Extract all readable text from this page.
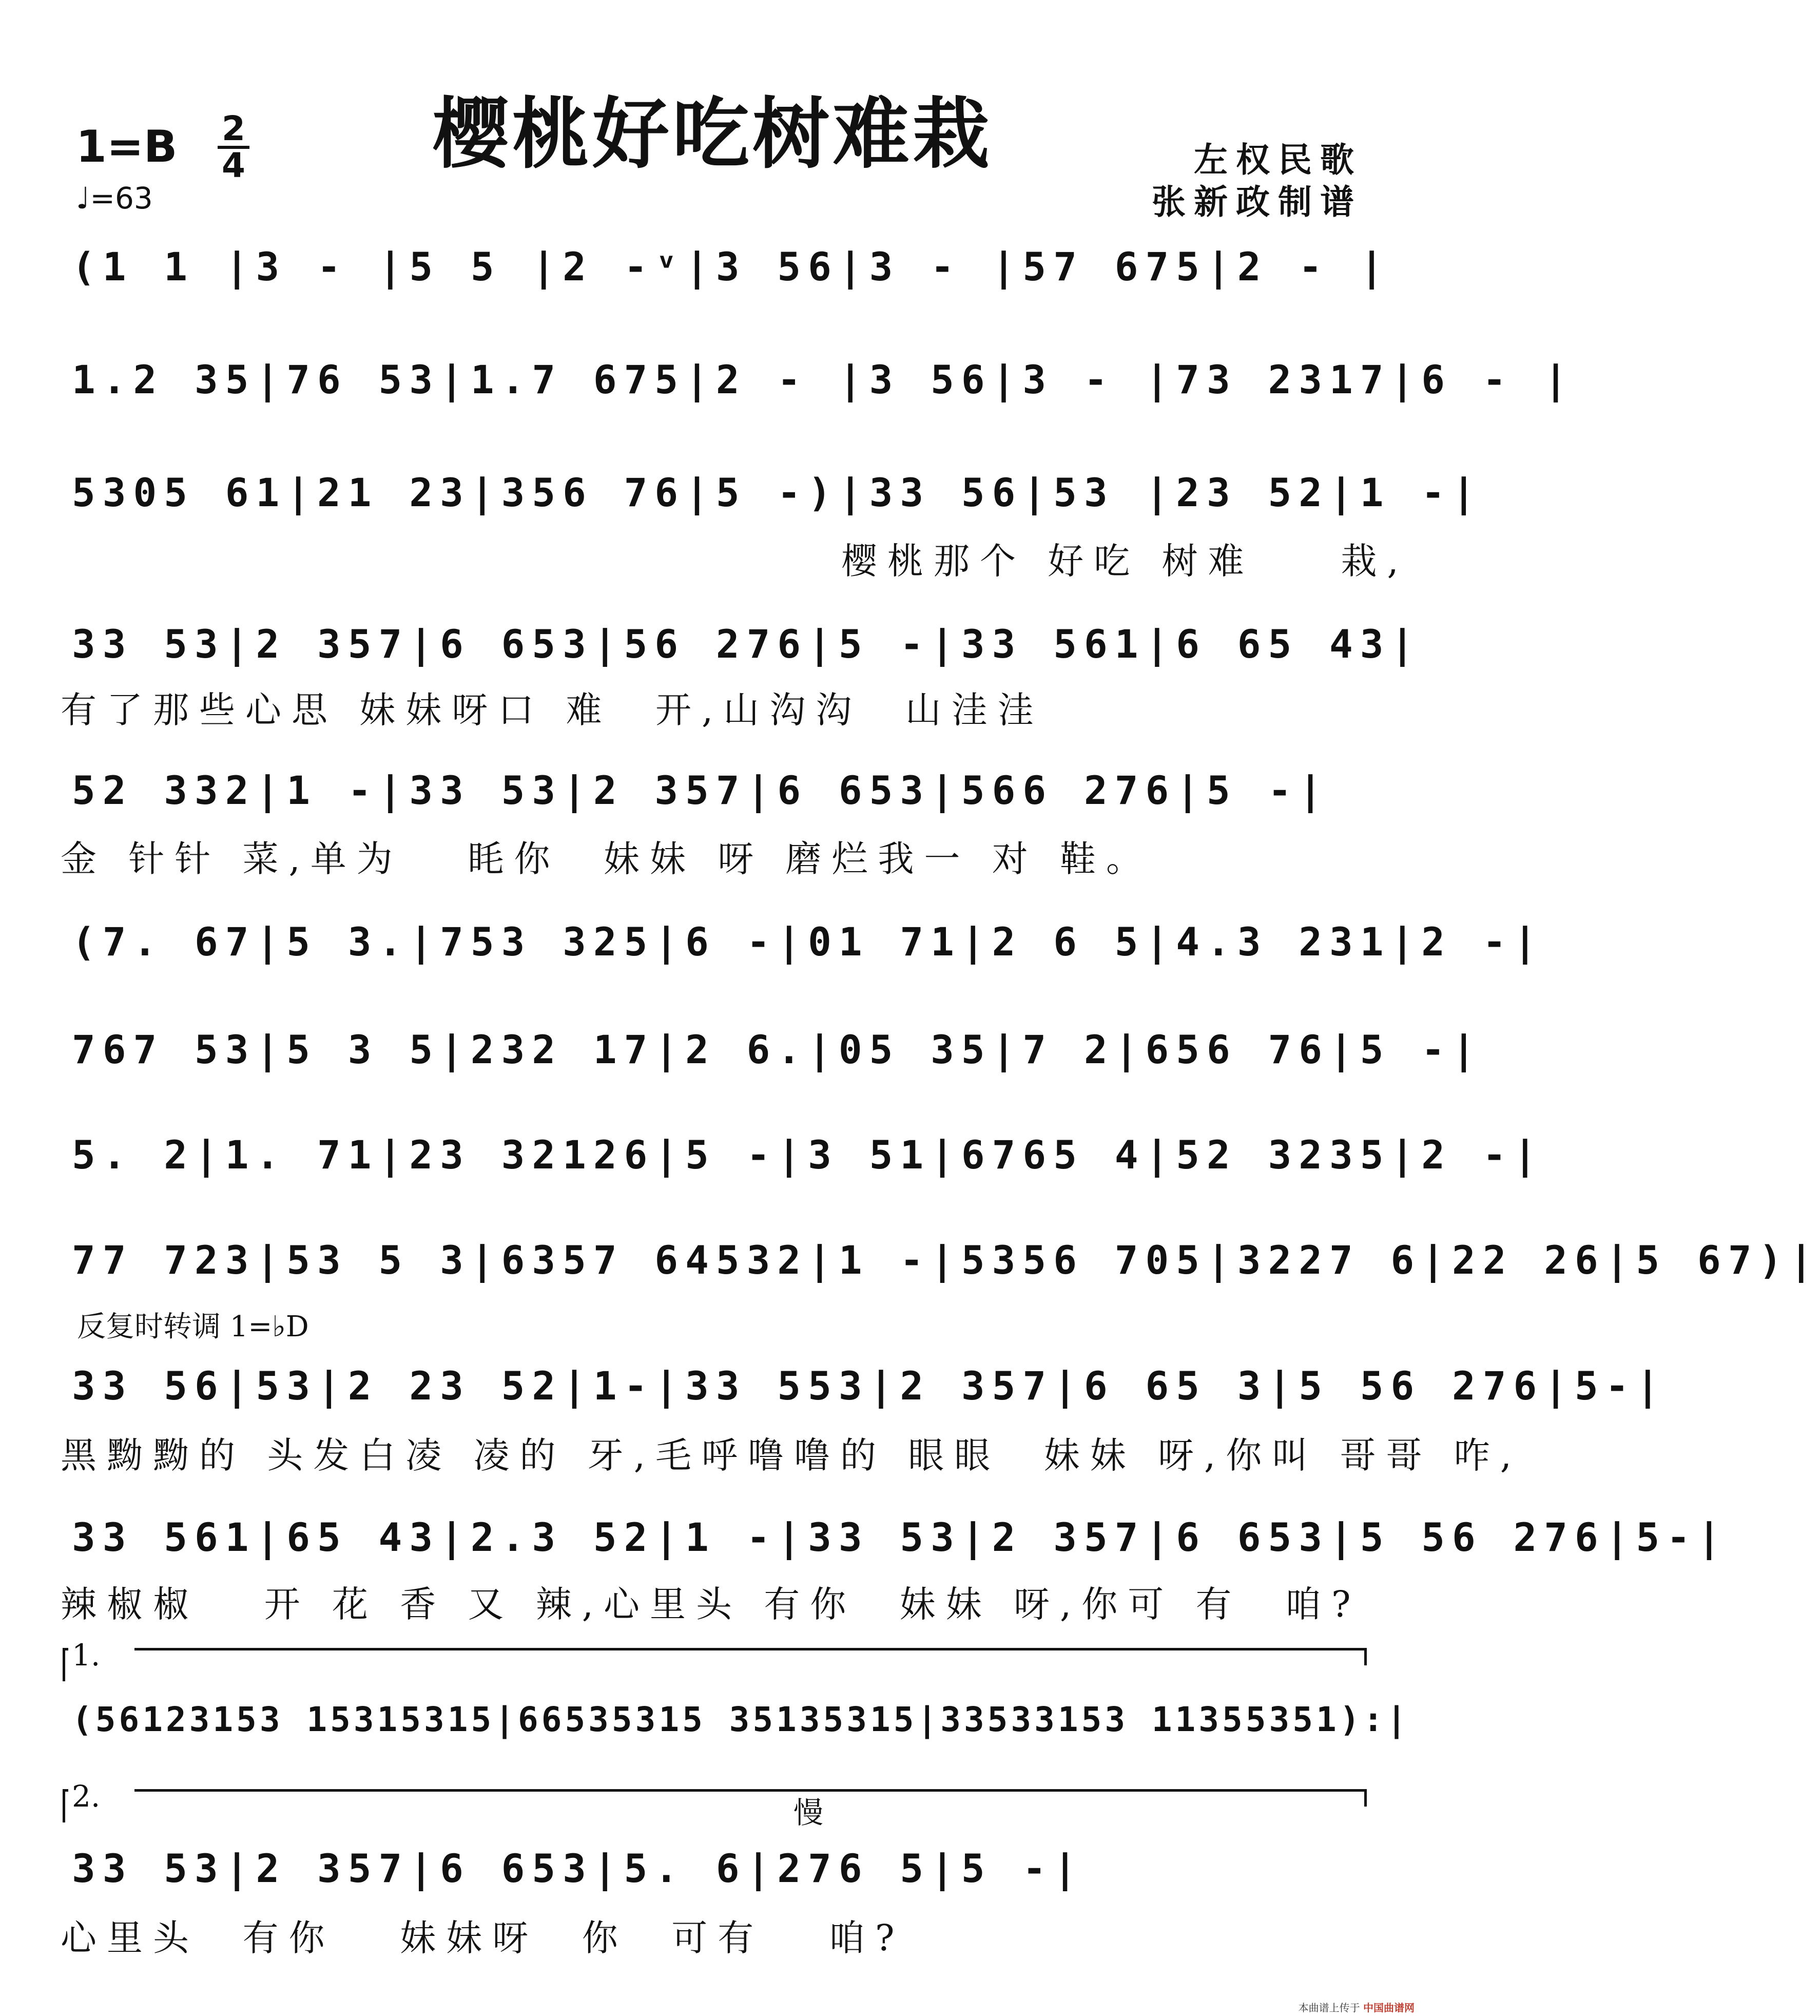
樱桃好吃树难栽
1=B 2
4
♩=63
左权民歌
张新政制谱
(1 1 |3 - |5 5 |2 -ᵛ|3 56|3 - |57 675|2 - |
1.2 35|76 53|1.7 675|2 - |3 56|3 - |73 2317|6 - |
5305 61|21 23|356 76|5 -)|33 56|53 |23 52|1 -|
樱桃那个 好吃 树难    栽,
33 53|2 357|6 653|56 276|5 -|33 561|6 65 43|
有了那些心思 妹妹呀口 难  开,山沟沟  山洼洼
52 332|1 -|33 53|2 357|6 653|566 276|5 -|
金 针针 菜,单为   眊你  妹妹 呀 磨烂我一 对 鞋。
(7. 67|5 3.|753 325|6 -|01 71|2 6 5|4.3 231|2 -|
767 53|5 3 5|232 17|2 6.|05 35|7 2|656 76|5 -|
5. 2|1. 71|23 32126|5 -|3 51|6765 4|52 3235|2 -|
77 723|53 5 3|6357 64532|1 -|5356 705|3227 6|22 26|5 67)|
反复时转调 1=♭D
33 56|53|2 23 52|1-|33 553|2 357|6 65 3|5 56 276|5-|
黑黝黝的 头发白凌 凌的 牙,毛呼噜噜的 眼眼  妹妹 呀,你叫 哥哥 咋,
33 561|65 43|2.3 52|1 -|33 53|2 357|6 653|5 56 276|5-|
辣椒椒   开 花 香 又 辣,心里头 有你  妹妹 呀,你可 有  咱?
1.
(56123153 15315315|66535315 35135315|33533153 11355351):|
2.	慢
33 53|2 357|6 653|5. 6|276 5|5 -|
心里头  有你   妹妹呀  你  可有   咱?
本曲谱上传于 中国曲谱网
